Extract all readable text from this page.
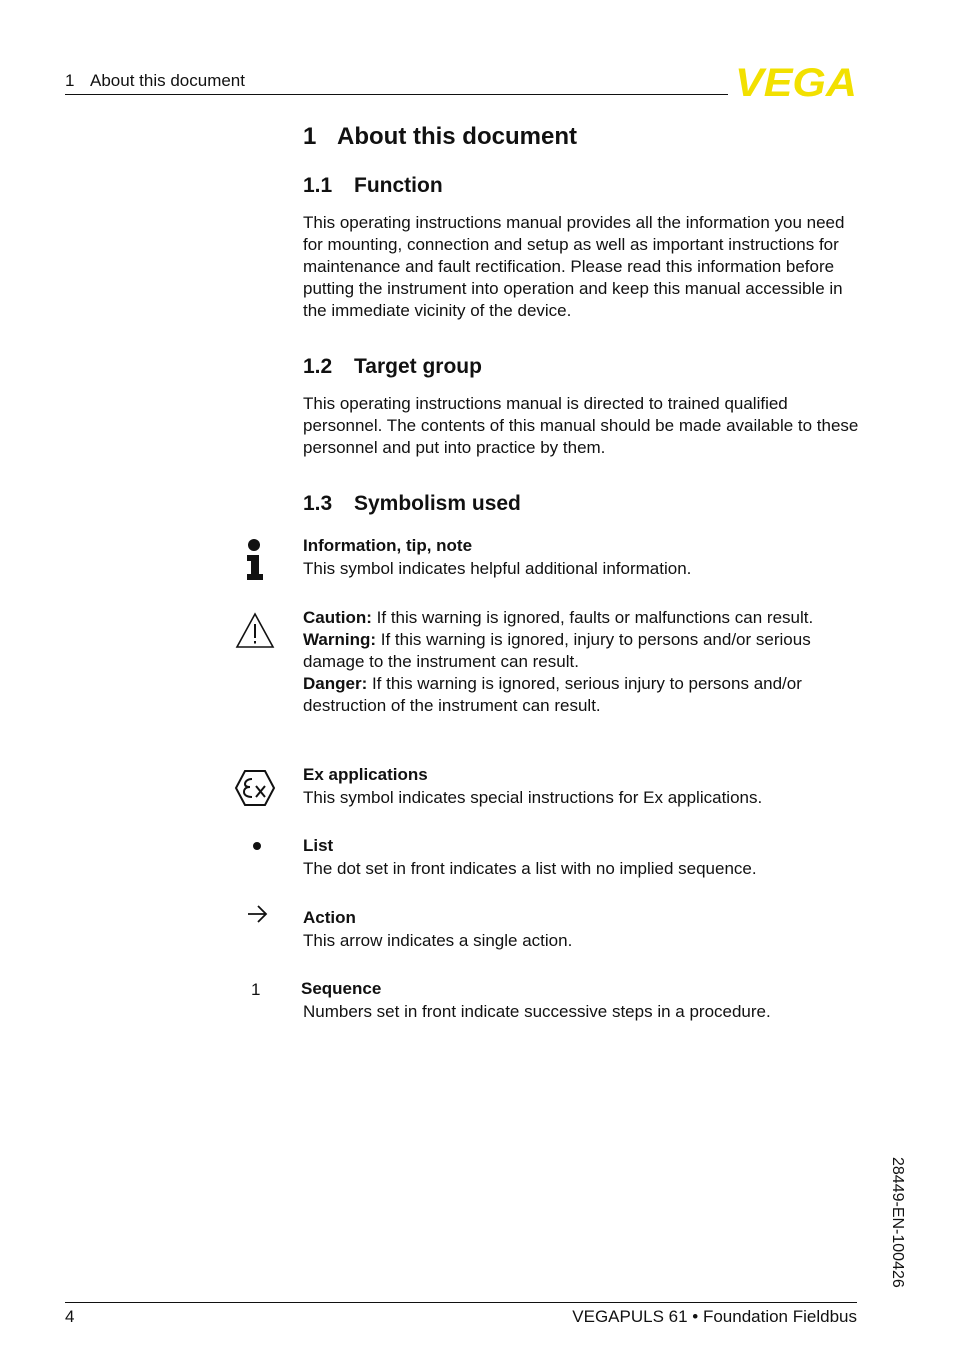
1 About this document	VEGA
1 About this document
1.1 Function
This operating instructions manual provides all the information you need for mounting, connection and setup as well as important instructions for maintenance and fault rectification. Please read this information before putting the instrument into operation and keep this manual accessible in the immediate vicinity of the device.
1.2 Target group
This operating instructions manual is directed to trained qualified personnel. The contents of this manual should be made available to these personnel and put into practice by them.
1.3 Symbolism used
Information, tip, note
This symbol indicates helpful additional information.
Caution: If this warning is ignored, faults or malfunctions can result.
Warning: If this warning is ignored, injury to persons and/or serious damage to the instrument can result.
Danger: If this warning is ignored, serious injury to persons and/or destruction of the instrument can result.
Ex applications
This symbol indicates special instructions for Ex applications.
List
The dot set in front indicates a list with no implied sequence.
Action
This arrow indicates a single action.
1	Sequence
Numbers set in front indicate successive steps in a procedure.
28449-EN-100426
4	VEGAPULS 61 • Foundation Fieldbus
